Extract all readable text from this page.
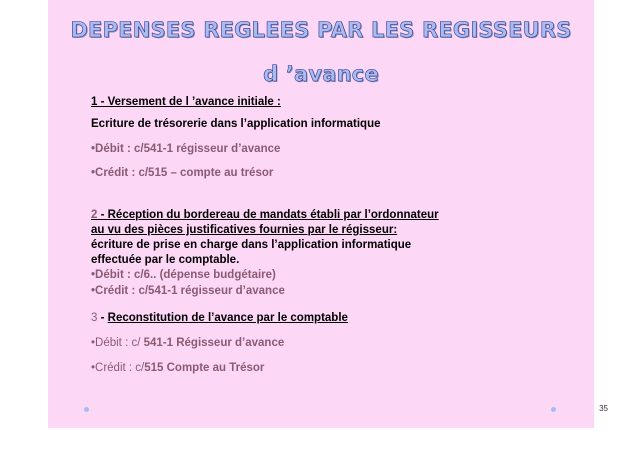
DEPENSES REGLEES PAR LES REGISSEURS
d ’avance
1 - Versement de l ’avance initiale :
Ecriture de trésorerie dans l’application informatique
•Débit : c/541-1 régisseur d’avance
•Crédit : c/515 – compte au trésor
2 - Réception du bordereau de mandats établi par l’ordonnateur
au vu des pièces justificatives fournies par le régisseur:
écriture de prise en charge dans l’application informatique
effectuée par le comptable.
•Débit : c/6.. (dépense budgétaire)
•Crédit : c/541-1 régisseur d’avance
3 - Reconstitution de l’avance par le comptable
•Débit : c/ 541-1 Régisseur d’avance
•Crédit : c/515 Compte au Trésor
35
